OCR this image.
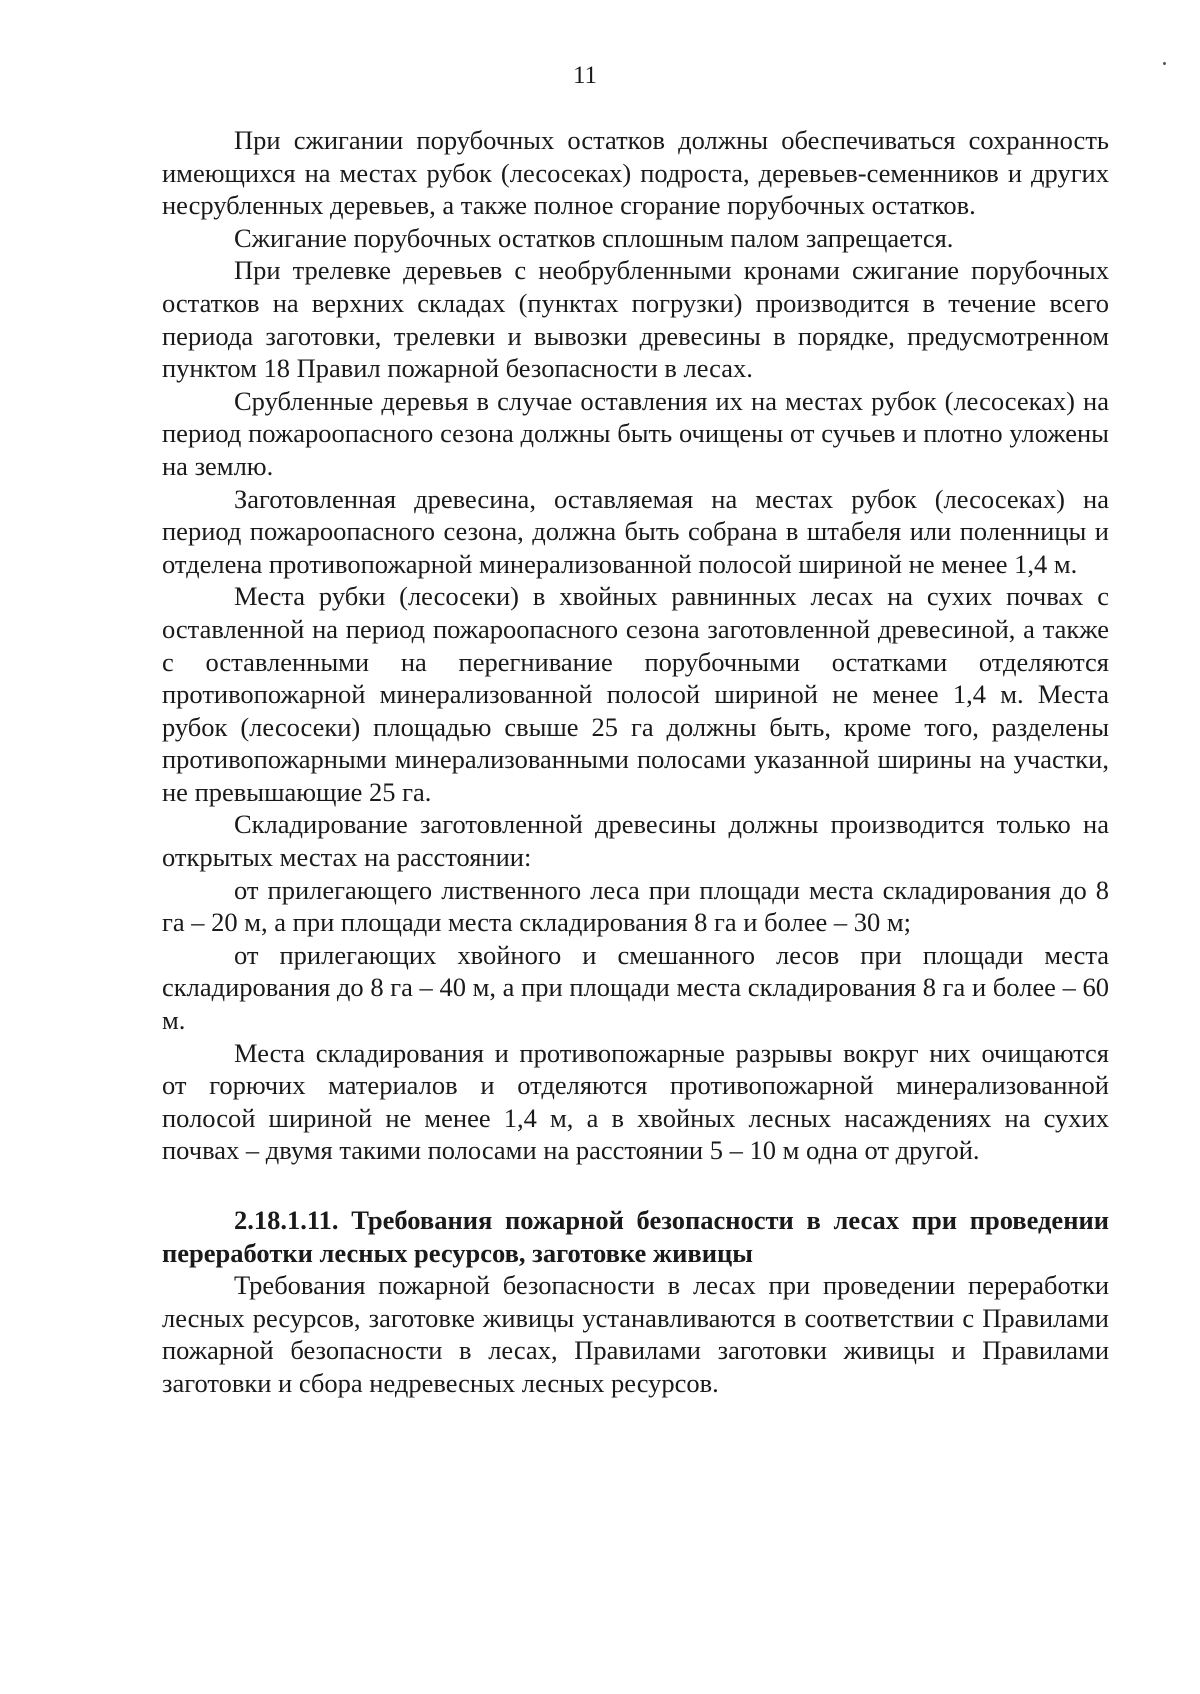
11

При сжигании порубочных остатков должны обеспечиваться сохранность имеющихся на местах рубок (лесосеках) подроста, деревьев-семенников и других несрубленных деревьев, а также полное сгорание порубочных остатков.

Сжигание порубочных остатков сплошным палом запрещается.

При трелевке деревьев с необрубленными кронами сжигание порубочных остатков на верхних складах (пунктах погрузки) производится в течение всего периода заготовки, трелевки и вывозки древесины в порядке, предусмотренном пунктом 18 Правил пожарной безопасности в лесах.

Срубленные деревья в случае оставления их на местах рубок (лесосеках) на период пожароопасного сезона должны быть очищены от сучьев и плотно уложены на землю.

Заготовленная древесина, оставляемая на местах рубок (лесосеках) на период пожароопасного сезона, должна быть собрана в штабеля или поленницы и отделена противопожарной минерализованной полосой шириной не менее 1,4 м.

Места рубки (лесосеки) в хвойных равнинных лесах на сухих почвах с оставленной на период пожароопасного сезона заготовленной древесиной, а также с оставленными на перегнивание порубочными остатками отделяются противопожарной минерализованной полосой шириной не менее 1,4 м. Места рубок (лесосеки) площадью свыше 25 га должны быть, кроме того, разделены противопожарными минерализованными полосами указанной ширины на участки, не превышающие 25 га.

Складирование заготовленной древесины должны производится только на открытых местах на расстоянии:

от прилегающего лиственного леса при площади места складирования до 8 га – 20 м, а при площади места складирования 8 га и более – 30 м;

от прилегающих хвойного и смешанного лесов при площади места складирования до 8 га – 40 м, а при площади места складирования 8 га и более – 60 м.

Места складирования и противопожарные разрывы вокруг них очищаются от горючих материалов и отделяются противопожарной минерализованной полосой шириной не менее 1,4 м, а в хвойных лесных насаждениях на сухих почвах – двумя такими полосами на расстоянии 5 – 10 м одна от другой.

2.18.1.11. Требования пожарной безопасности в лесах при проведении переработки лесных ресурсов, заготовке живицы

Требования пожарной безопасности в лесах при проведении переработки лесных ресурсов, заготовке живицы устанавливаются в соответствии с Правилами пожарной безопасности в лесах, Правилами заготовки живицы и Правилами заготовки и сбора недревесных лесных ресурсов.
